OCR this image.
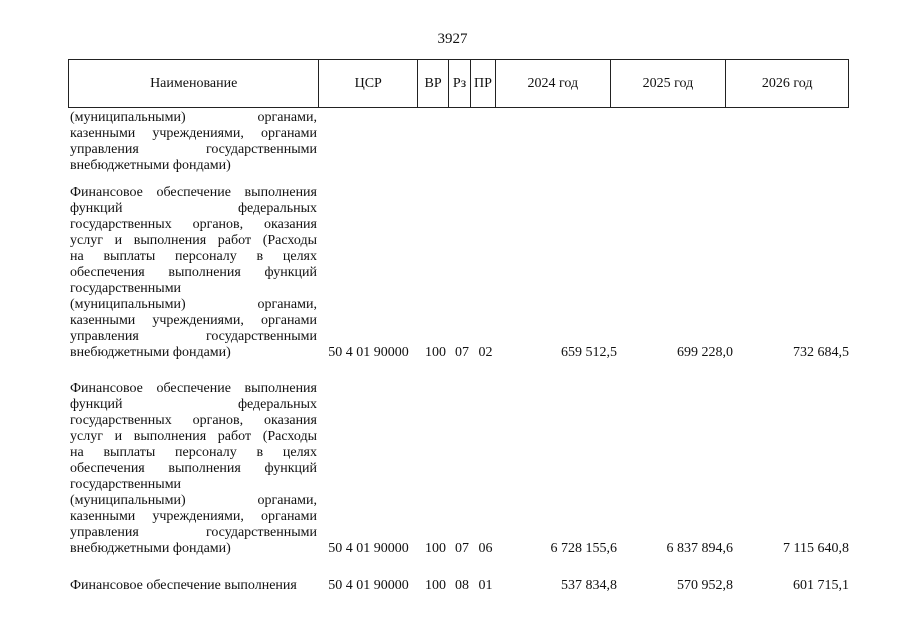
3927
Наименование	ЦСР	ВР Рз ПР	2024 год	2025 год	2026 год
(муниципальными) органами,
казенными учреждениями, органами
управления государственными
внебюджетными фондами)
Финансовое обеспечение выполнения
функций федеральных
государственных органов, оказания
услуг и выполнения работ (Расходы
на выплаты персоналу в целях
обеспечения выполнения функций
государственными
(муниципальными) органами,
казенными учреждениями, органами
управления государственными
внебюджетными фондами)	50 4 01 90000	100 07 02	659 512,5	699 228,0	732 684,5
Финансовое обеспечение выполнения
функций федеральных
государственных органов, оказания
услуг и выполнения работ (Расходы
на выплаты персоналу в целях
обеспечения выполнения функций
государственными
(муниципальными) органами,
казенными учреждениями, органами
управления государственными
внебюджетными фондами)	50 4 01 90000	100 07 06	6 728 155,6	6 837 894,6	7 115 640,8
Финансовое обеспечение выполнения	50 4 01 90000	100 08 01	537 834,8	570 952,8	601 715,1
